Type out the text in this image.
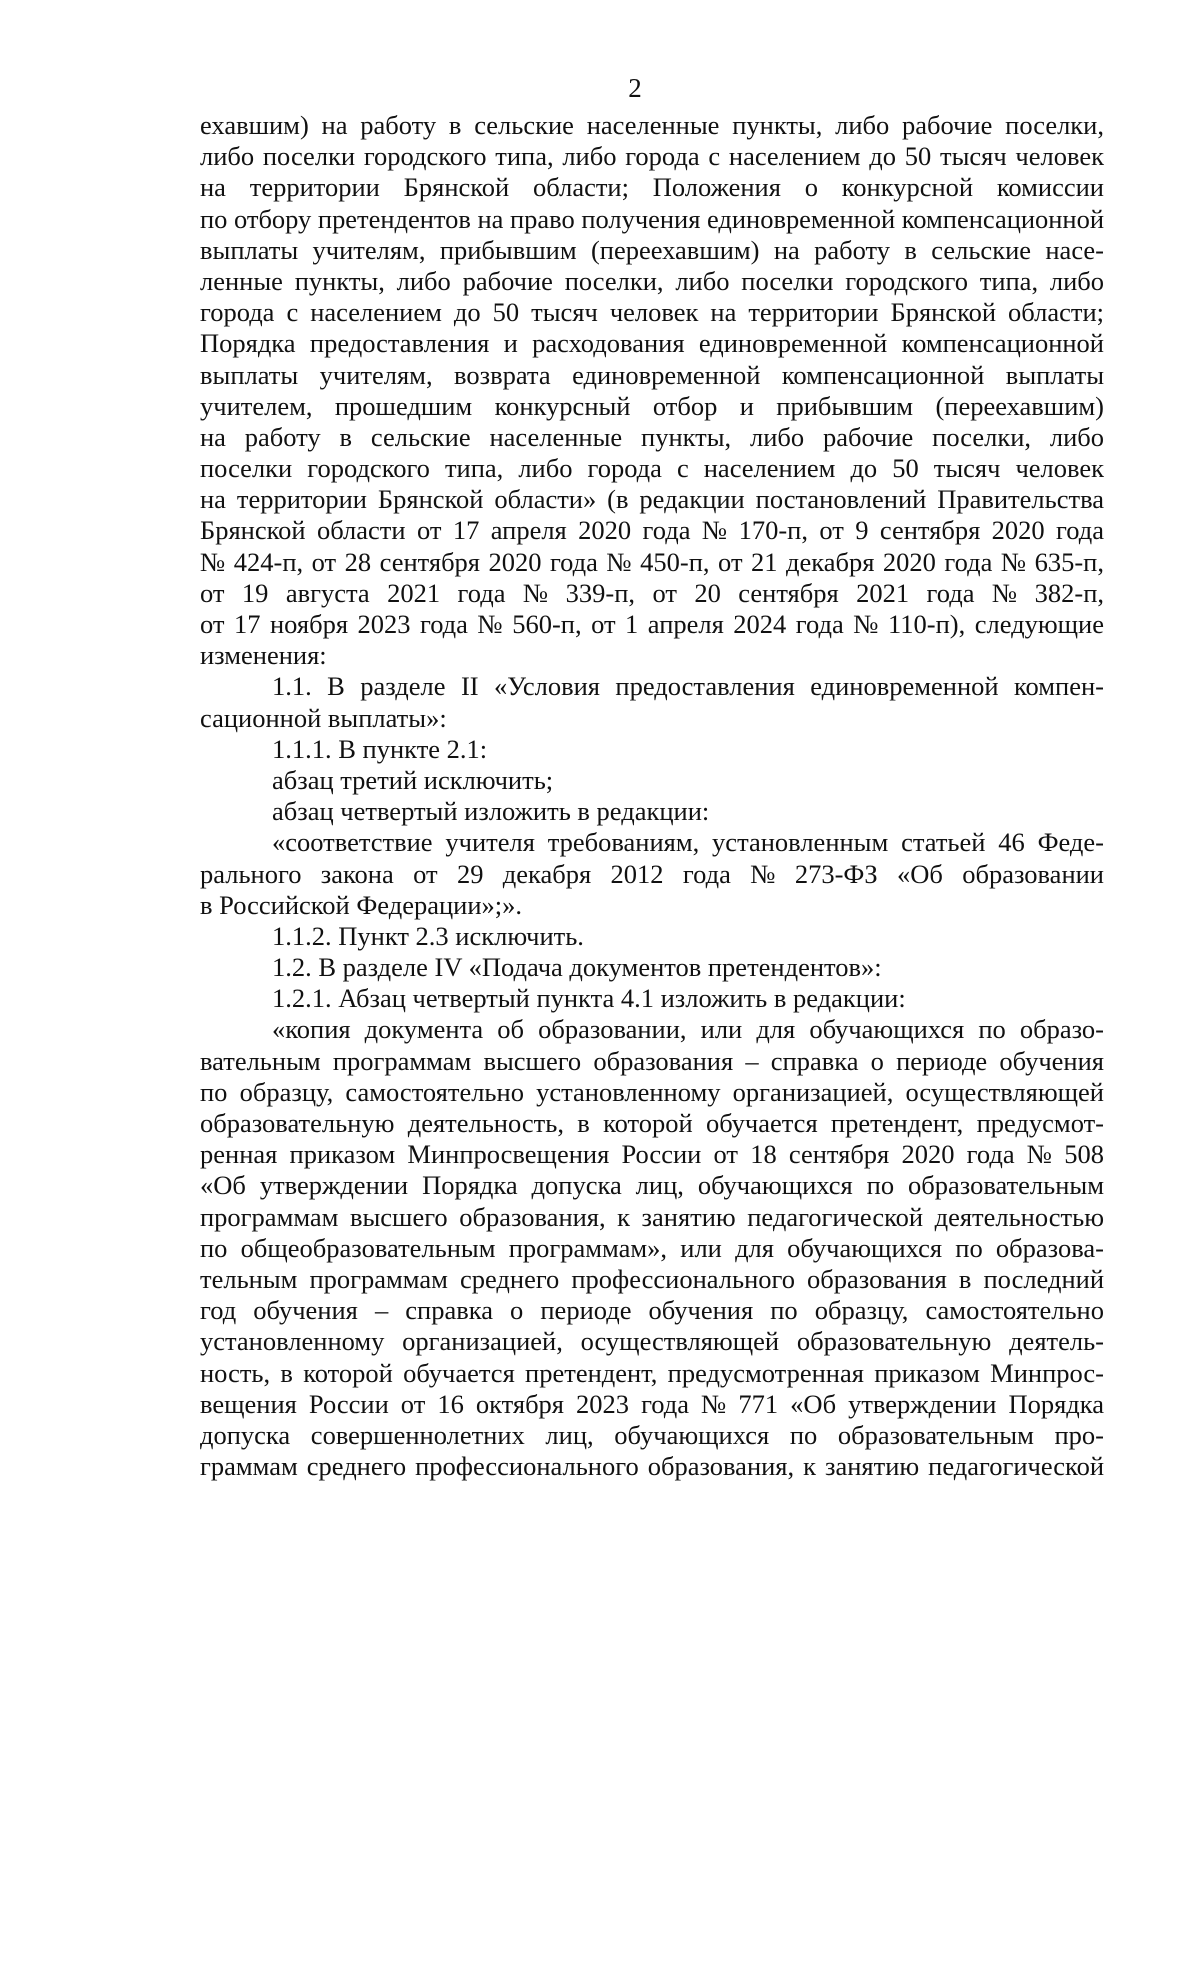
2
ехавшим) на работу в сельские населенные пункты, либо рабочие поселки,
либо поселки городского типа, либо города с населением до 50 тысяч человек
на территории Брянской области; Положения о конкурсной комиссии
по отбору претендентов на право получения единовременной компенсационной
выплаты учителям, прибывшим (переехавшим) на работу в сельские насе-
ленные пункты, либо рабочие поселки, либо поселки городского типа, либо
города с населением до 50 тысяч человек на территории Брянской области;
Порядка предоставления и расходования единовременной компенсационной
выплаты учителям, возврата единовременной компенсационной выплаты
учителем, прошедшим конкурсный отбор и прибывшим (переехавшим)
на работу в сельские населенные пункты, либо рабочие поселки, либо
поселки городского типа, либо города с населением до 50 тысяч человек
на территории Брянской области» (в редакции постановлений Правительства
Брянской области от 17 апреля 2020 года № 170-п, от 9 сентября 2020 года
№ 424-п, от 28 сентября 2020 года № 450-п, от 21 декабря 2020 года № 635-п,
от 19 августа 2021 года № 339-п, от 20 сентября 2021 года № 382-п,
от 17 ноября 2023 года № 560-п, от 1 апреля 2024 года № 110-п), следующие
изменения:
1.1. В разделе II «Условия предоставления единовременной компен-
сационной выплаты»:
1.1.1. В пункте 2.1:
абзац третий исключить;
абзац четвертый изложить в редакции:
«соответствие учителя требованиям, установленным статьей 46 Феде-
рального закона от 29 декабря 2012 года № 273-ФЗ «Об образовании
в Российской Федерации»;».
1.1.2. Пункт 2.3 исключить.
1.2. В разделе IV «Подача документов претендентов»:
1.2.1. Абзац четвертый пункта 4.1 изложить в редакции:
«копия документа об образовании, или для обучающихся по образо-
вательным программам высшего образования – справка о периоде обучения
по образцу, самостоятельно установленному организацией, осуществляющей
образовательную деятельность, в которой обучается претендент, предусмот-
ренная приказом Минпросвещения России от 18 сентября 2020 года № 508
«Об утверждении Порядка допуска лиц, обучающихся по образовательным
программам высшего образования, к занятию педагогической деятельностью
по общеобразовательным программам», или для обучающихся по образова-
тельным программам среднего профессионального образования в последний
год обучения – справка о периоде обучения по образцу, самостоятельно
установленному организацией, осуществляющей образовательную деятель-
ность, в которой обучается претендент, предусмотренная приказом Минпрос-
вещения России от 16 октября 2023 года № 771 «Об утверждении Порядка
допуска совершеннолетних лиц, обучающихся по образовательным про-
граммам среднего профессионального образования, к занятию педагогической
